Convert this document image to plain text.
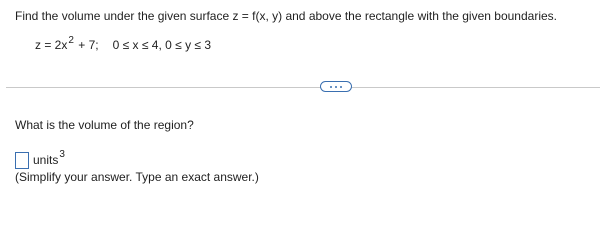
Find the volume under the given surface z = f(x, y) and above the rectangle with the given boundaries.
$z = 2x^2 + 7$; 0 ≤ x ≤ 4, 0 ≤ y ≤ 3
What is the volume of the region?
units$^3$
(Simplify your answer. Type an exact answer.)
